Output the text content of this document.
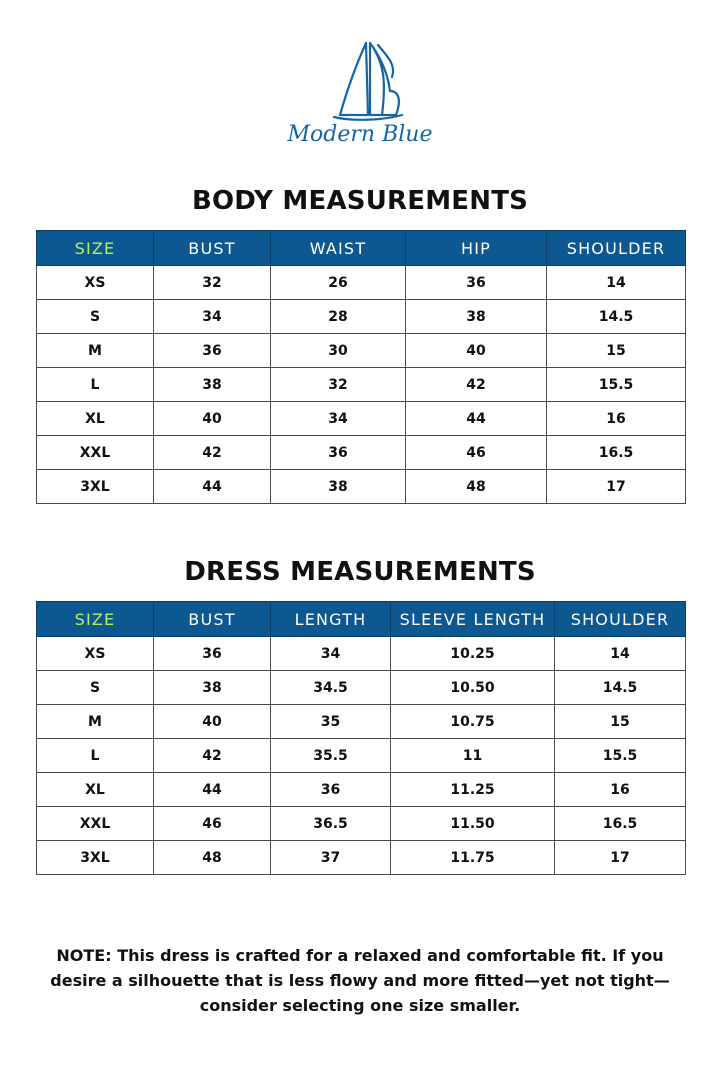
Modern Blue
BODY MEASUREMENTS
SIZE	BUST	WAIST	HIP	SHOULDER
XS	32	26	36	14
S	34	28	38	14.5
M	36	30	40	15
L	38	32	42	15.5
XL	40	34	44	16
XXL	42	36	46	16.5
3XL	44	38	48	17
DRESS MEASUREMENTS
SIZE	BUST	LENGTH	SLEEVE LENGTH	SHOULDER
XS	36	34	10.25	14
S	38	34.5	10.50	14.5
M	40	35	10.75	15
L	42	35.5	11	15.5
XL	44	36	11.25	16
XXL	46	36.5	11.50	16.5
3XL	48	37	11.75	17

NOTE: This dress is crafted for a relaxed and comfortable fit. If you desire a silhouette that is less flowy and more fitted—yet not tight—consider selecting one size smaller.
